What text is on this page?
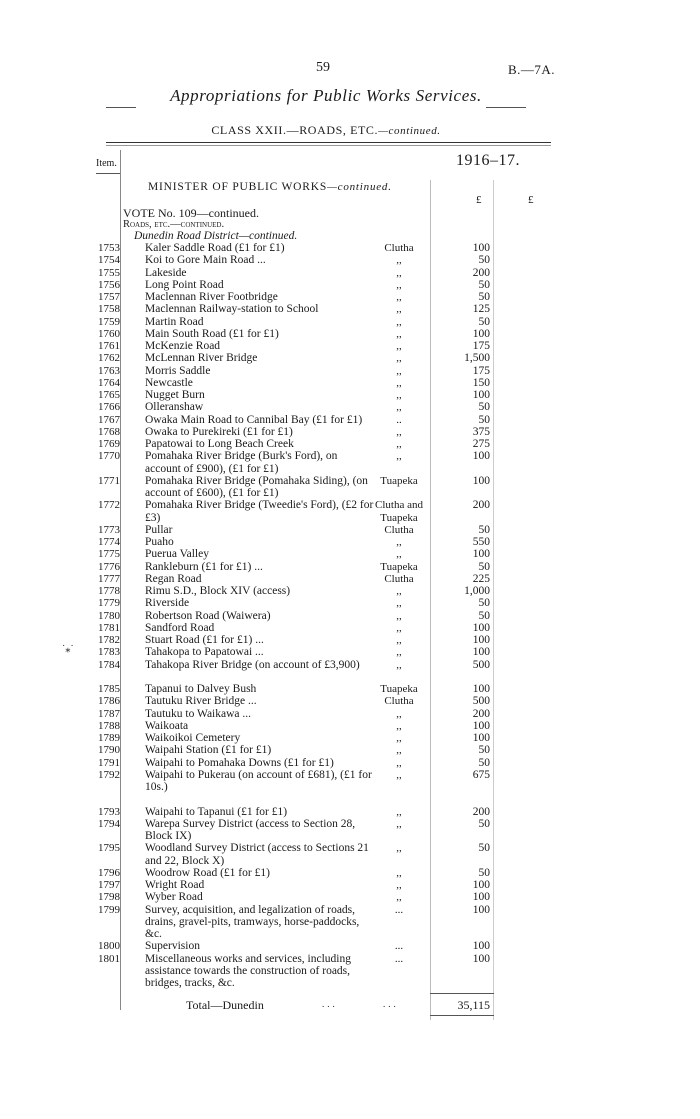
59	B.—7A.
Appropriations for Public Works Services.
CLASS XXII.—ROADS, ETC.—continued.
Item.	1916–17.
MINISTER OF PUBLIC WORKS—continued.
£	£
VOTE No. 109—continued.
Roads, etc.—continued.
Dunedin Road District—continued.
1753 Kaler Saddle Road (£1 for £1)	Clutha	100
1754 Koi to Gore Main Road ...	,,	50
1755 Lakeside	,,	200
1756 Long Point Road	,,	50
1757 Maclennan River Footbridge	,,	50
1758 Maclennan Railway-station to School	,,	125
1759 Martin Road	,,	50
1760 Main South Road (£1 for £1)	,,	100
1761 McKenzie Road	,,	175
1762 McLennan River Bridge	,,	1,500
1763 Morris Saddle	,,	175
1764 Newcastle	,,	150
1765 Nugget Burn	,,	100
1766 Olleranshaw	,,	50
1767 Owaka Main Road to Cannibal Bay (£1 for £1)	..	50
1768 Owaka to Purekireki (£1 for £1)	,,	375
1769 Papatowai to Long Beach Creek	,,	275
1770 Pomahaka River Bridge (Burk's Ford), on account of £900), (£1 for £1)
,,	100
1771 Pomahaka River Bridge (Pomahaka Siding), (on account of £600), (£1 for £1)
Tuapeka	100
1772 Pomahaka River Bridge (Tweedie's Ford), (£2 for £3)
Clutha and Tuapeka
200
1773 Pullar	Clutha	50
1774 Puaho	,,	550
1775 Puerua Valley	,,	100
1776 Rankleburn (£1 for £1) ...	Tuapeka	50
1777 Regan Road	Clutha	225
1778 Rimu S.D., Block XIV (access)	,,	1,000
1779 Riverside	,,	50
1780 Robertson Road (Waiwera)	,,	50
1781 Sandford Road	,,	100
1782 Stuart Road (£1 for £1) ...	,,	100
1783 Tahakopa to Papatowai ...	,,	100
1784 Tahakopa River Bridge (on account of £3,900)	,,	500
1785 Tapanui to Dalvey Bush	Tuapeka	100
1786 Tautuku River Bridge ...	Clutha	500
1787 Tautuku to Waikawa ...	,,	200
1788 Waikoata	,,	100
1789 Waikoikoi Cemetery	,,	100
1790 Waipahi Station (£1 for £1)	,,	50
1791 Waipahi to Pomahaka Downs (£1 for £1)	,,	50
1792 Waipahi to Pukerau (on account of £681), (£1 for 10s.)
,,	675
1793 Waipahi to Tapanui (£1 for £1)	,,	200
1794 Warepa Survey District (access to Section 28, Block IX)
,,	50
1795 Woodland Survey District (access to Sections 21 and 22, Block X)
,,	50
1796 Woodrow Road (£1 for £1)	,,	50
1797 Wright Road	,,	100
1798 Wyber Road	,,	100
1799 Survey, acquisition, and legalization of roads, drains, gravel-pits, tramways, horse-paddocks, &c.
...	100
1800 Supervision	...	100
1801 Miscellaneous works and services, including assistance towards the construction of roads, bridges, tracks, &c.
...	100
Total—Dunedin	...	...	35,115
˙⁎˙
